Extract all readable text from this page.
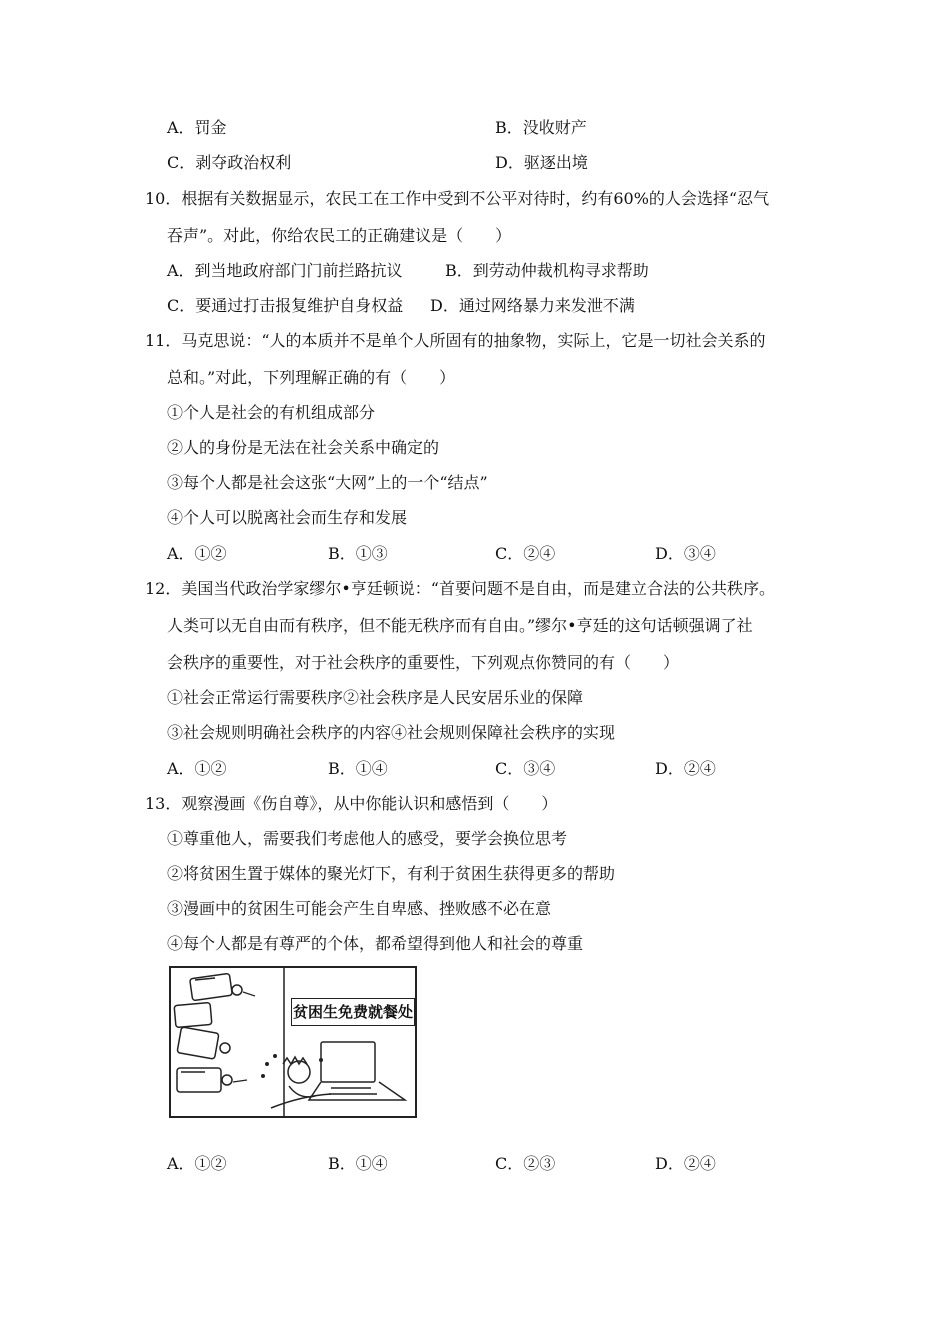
A．罚金	B．没收财产
C．剥夺政治权利	D．驱逐出境
10．根据有关数据显示，农民工在工作中受到不公平对待时，约有60%的人会选择“忍气
吞声”。对此，你给农民工的正确建议是（　　）
A．到当地政府部门门前拦路抗议	B．到劳动仲裁机构寻求帮助
C．要通过打击报复维护自身权益 D．通过网络暴力来发泄不满
11．马克思说：“人的本质并不是单个人所固有的抽象物，实际上，它是一切社会关系的
总和。”对此，下列理解正确的有（　　）
①个人是社会的有机组成部分
②人的身份是无法在社会关系中确定的
③每个人都是社会这张“大网”上的一个“结点”
④个人可以脱离社会而生存和发展
A．①②	B．①③	C．②④	D．③④
12．美国当代政治学家缪尔•亨廷顿说：“首要问题不是自由，而是建立合法的公共秩序。
人类可以无自由而有秩序，但不能无秩序而有自由。”缪尔•亨廷的这句话顿强调了社
会秩序的重要性，对于社会秩序的重要性，下列观点你赞同的有（　　）
①社会正常运行需要秩序②社会秩序是人民安居乐业的保障
③社会规则明确社会秩序的内容④社会规则保障社会秩序的实现
A．①②	B．①④	C．③④	D．②④
13．观察漫画《伤自尊》，从中你能认识和感悟到（　　）
①尊重他人，需要我们考虑他人的感受，要学会换位思考
②将贫困生置于媒体的聚光灯下，有利于贫困生获得更多的帮助
③漫画中的贫困生可能会产生自卑感、挫败感不必在意
④每个人都是有尊严的个体，都希望得到他人和社会的尊重
贫困生免费就餐处
A．①②	B．①④	C．②③	D．②④
